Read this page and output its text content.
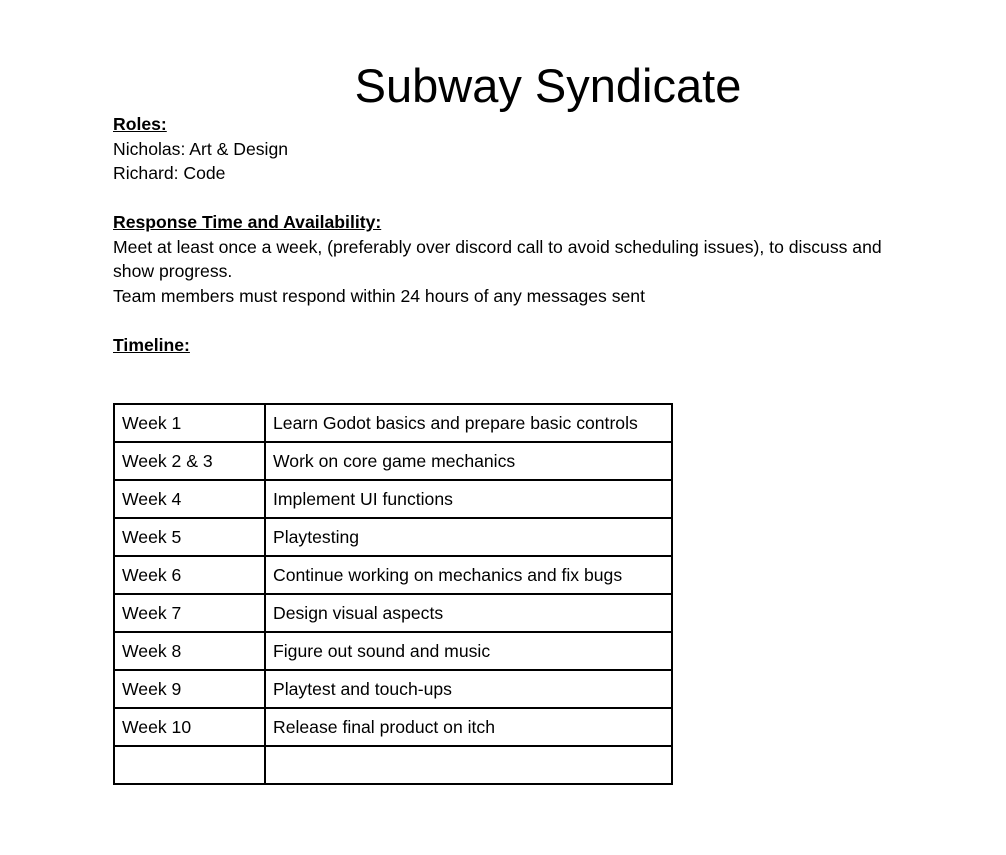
Subway Syndicate
Roles:
Nicholas: Art & Design
Richard: Code
Response Time and Availability:
Meet at least once a week, (preferably over discord call to avoid scheduling issues), to discuss and show progress.
Team members must respond within 24 hours of any messages sent
Timeline:
Week 1	Learn Godot basics and prepare basic controls
Week 2 & 3	Work on core game mechanics
Week 4	Implement UI functions
Week 5	Playtesting
Week 6	Continue working on mechanics and fix bugs
Week 7	Design visual aspects
Week 8	Figure out sound and music
Week 9	Playtest and touch-ups
Week 10	Release final product on itch
